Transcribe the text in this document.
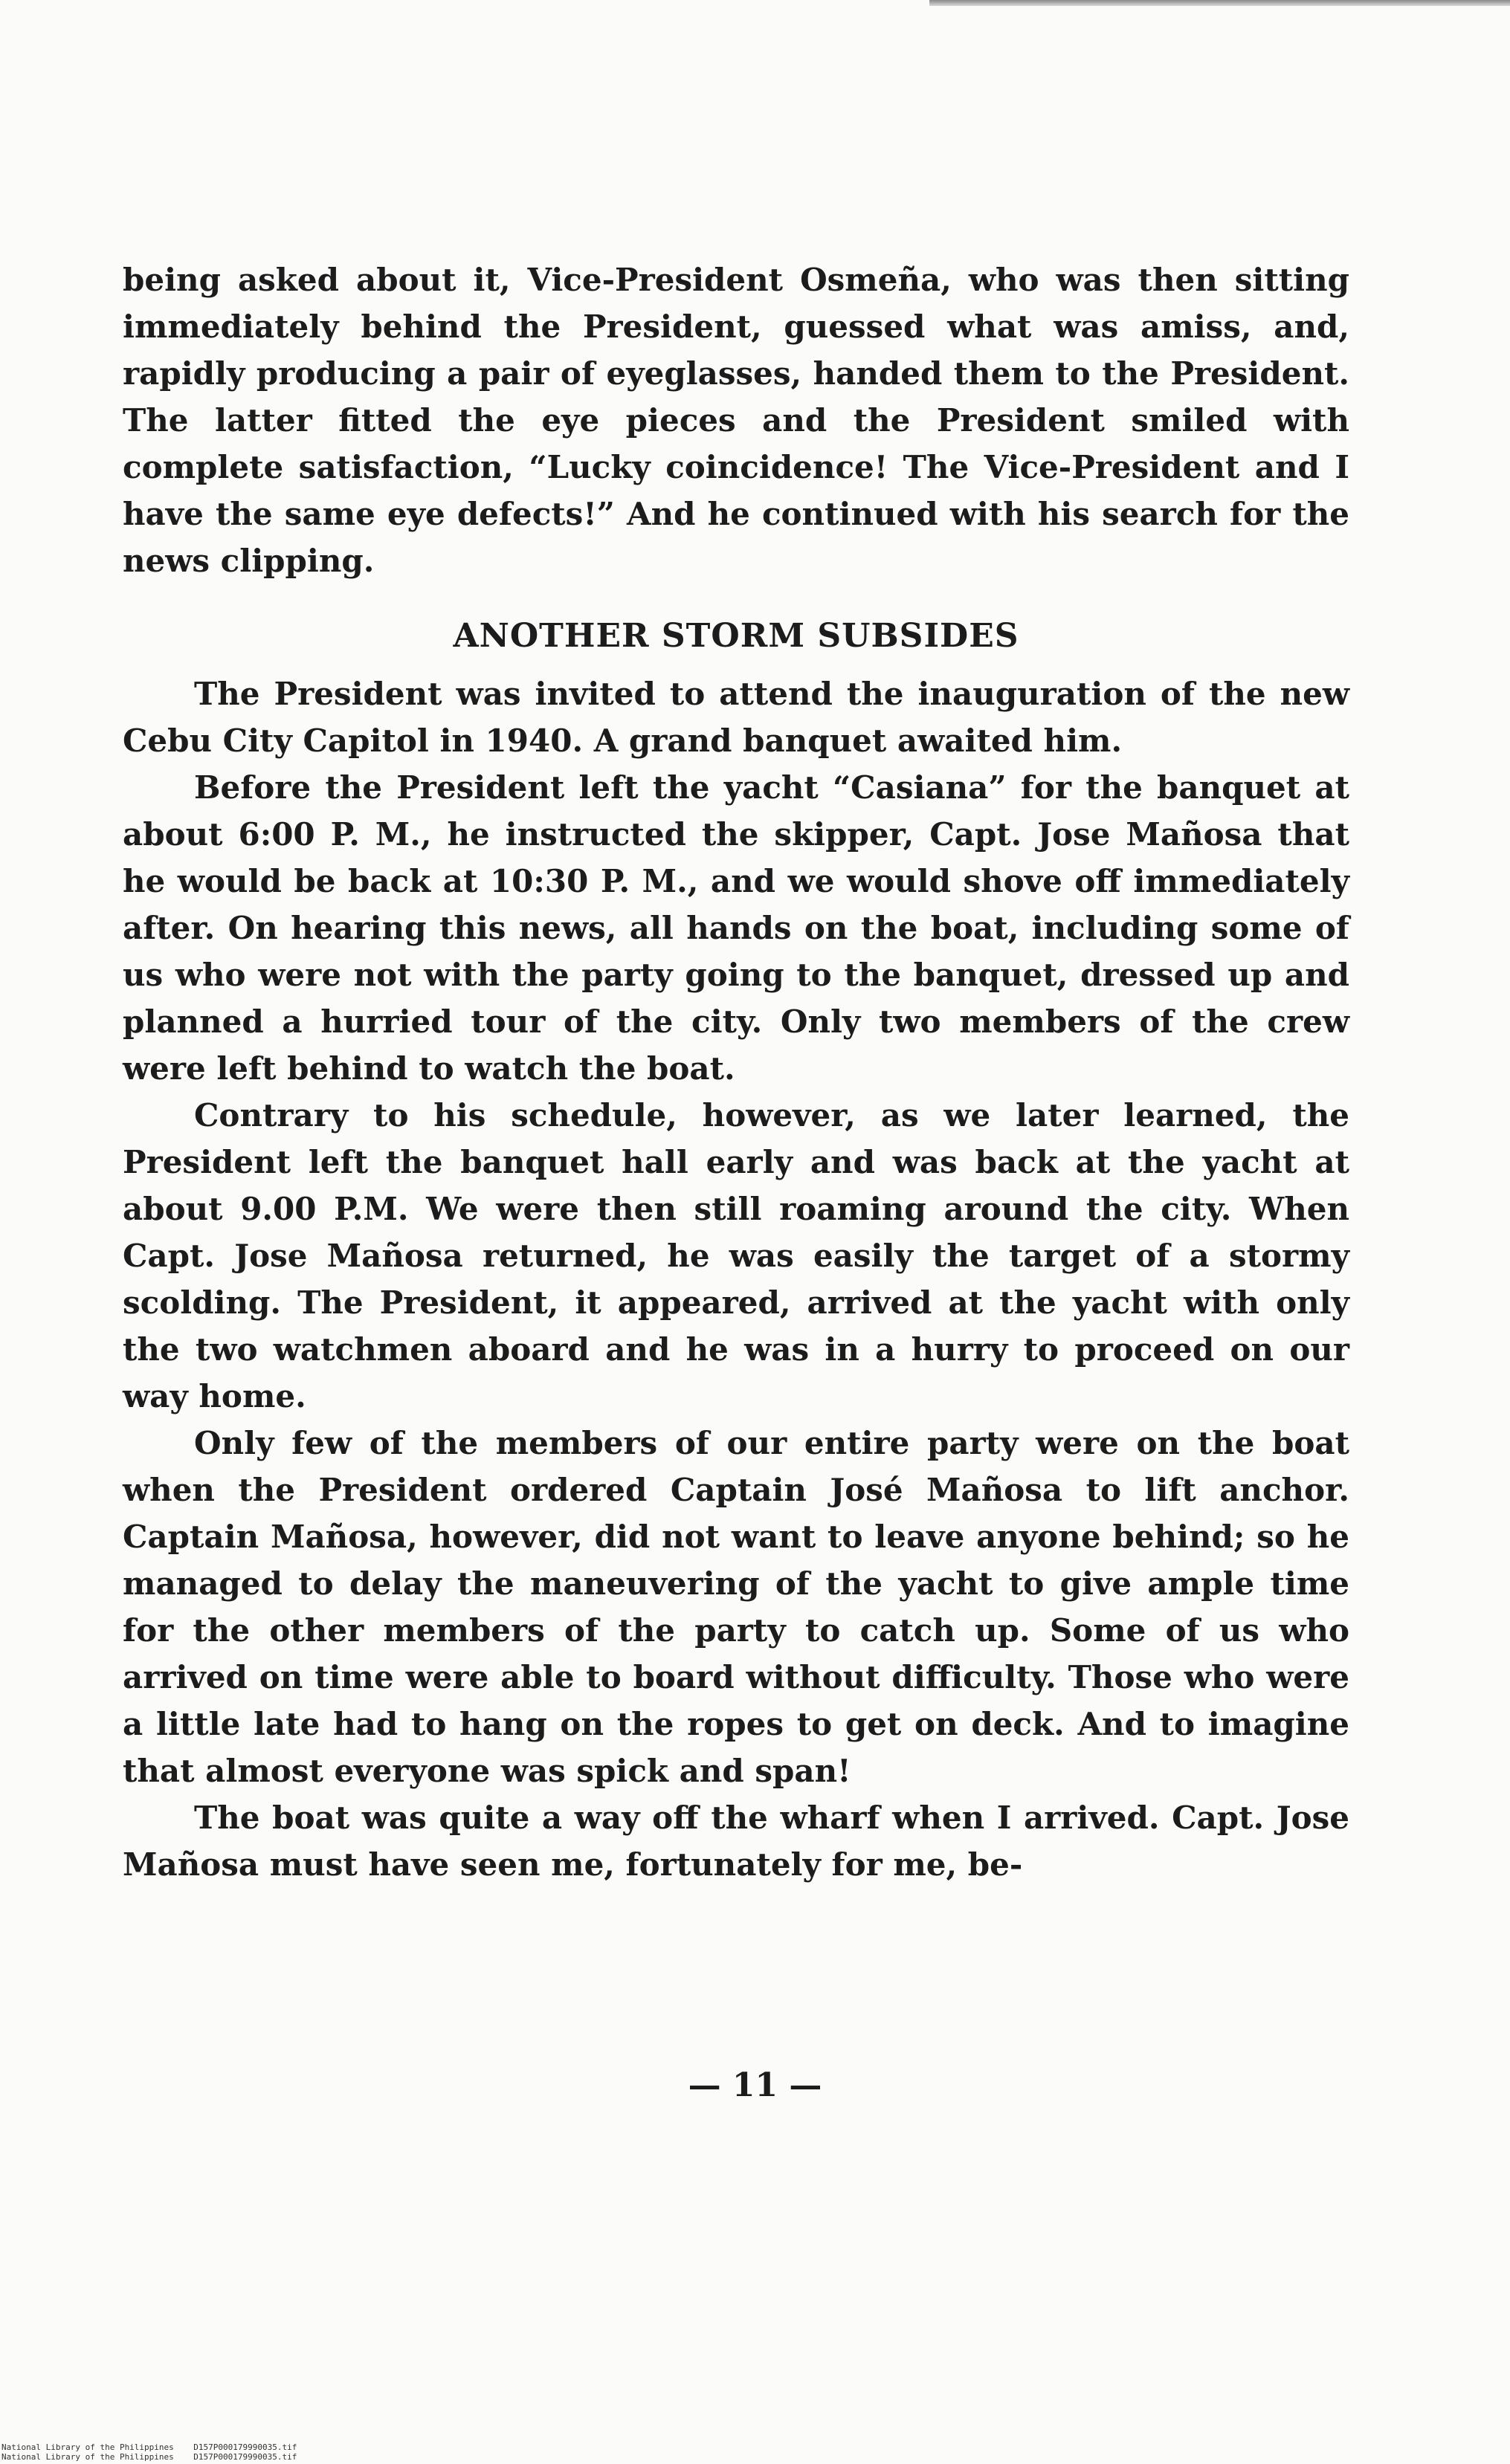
being asked about it, Vice-President Osmeña, who was then sitting immediately behind the President, guessed what was amiss, and, rapidly producing a pair of eyeglasses, handed them to the President. The latter fitted the eye pieces and the President smiled with complete satisfaction, “Lucky coincidence! The Vice-President and I have the same eye defects!” And he continued with his search for the news clipping.

ANOTHER STORM SUBSIDES

The President was invited to attend the inauguration of the new Cebu City Capitol in 1940. A grand banquet awaited him.

Before the President left the yacht “Casiana” for the banquet at about 6:00 P. M., he instructed the skipper, Capt. Jose Mañosa that he would be back at 10:30 P. M., and we would shove off immediately after. On hearing this news, all hands on the boat, including some of us who were not with the party going to the banquet, dressed up and planned a hurried tour of the city. Only two members of the crew were left behind to watch the boat.

Contrary to his schedule, however, as we later learned, the President left the banquet hall early and was back at the yacht at about 9.00 P.M. We were then still roaming around the city. When Capt. Jose Mañosa returned, he was easily the target of a stormy scolding. The President, it appeared, arrived at the yacht with only the two watchmen aboard and he was in a hurry to proceed on our way home.

Only few of the members of our entire party were on the boat when the President ordered Captain José Mañosa to lift anchor. Captain Mañosa, however, did not want to leave anyone behind; so he managed to delay the maneuvering of the yacht to give ample time for the other members of the party to catch up. Some of us who arrived on time were able to board without difficulty. Those who were a little late had to hang on the ropes to get on deck. And to imagine that almost everyone was spick and span!

The boat was quite a way off the wharf when I arrived. Capt. Jose Mañosa must have seen me, fortunately for me, be-

— 11 —
National Library of the Philippines    D157P000179990035.tif
National Library of the Philippines    D157P000179990035.tif
